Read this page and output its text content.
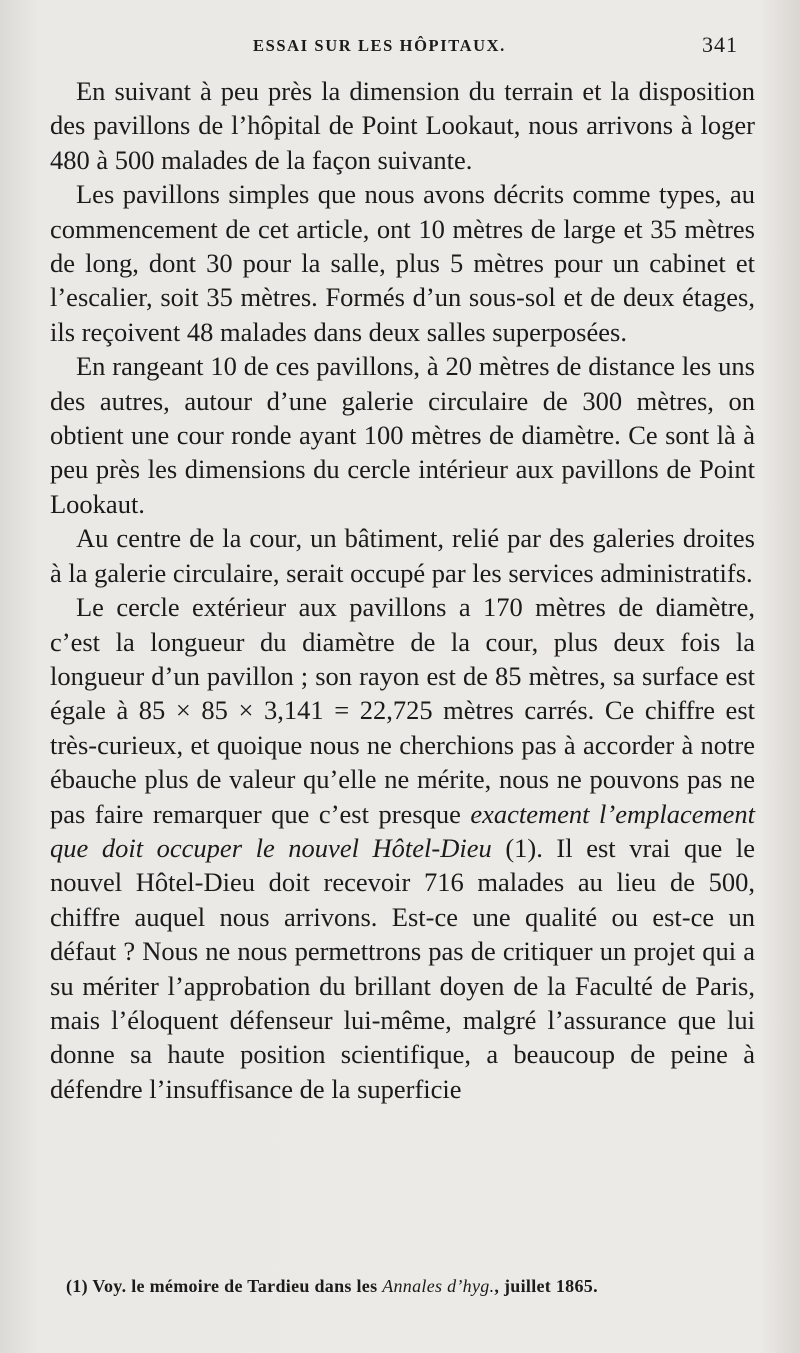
ESSAI SUR LES HÔPITAUX.	341

En suivant à peu près la dimension du terrain et la disposition des pavillons de l’hôpital de Point Lookaut, nous arrivons à loger 480 à 500 malades de la façon suivante.

Les pavillons simples que nous avons décrits comme types, au commencement de cet article, ont 10 mètres de large et 35 mètres de long, dont 30 pour la salle, plus 5 mètres pour un cabinet et l’escalier, soit 35 mètres. Formés d’un sous-sol et de deux étages, ils reçoivent 48 malades dans deux salles superposées.

En rangeant 10 de ces pavillons, à 20 mètres de distance les uns des autres, autour d’une galerie circulaire de 300 mètres, on obtient une cour ronde ayant 100 mètres de diamètre. Ce sont là à peu près les dimensions du cercle intérieur aux pavillons de Point Lookaut.

Au centre de la cour, un bâtiment, relié par des galeries droites à la galerie circulaire, serait occupé par les services administratifs.

Le cercle extérieur aux pavillons a 170 mètres de diamètre, c’est la longueur du diamètre de la cour, plus deux fois la longueur d’un pavillon ; son rayon est de 85 mètres, sa surface est égale à 85 × 85 × 3,141 = 22,725 mètres carrés. Ce chiffre est très-curieux, et quoique nous ne cherchions pas à accorder à notre ébauche plus de valeur qu’elle ne mérite, nous ne pouvons pas ne pas faire remarquer que c’est presque exactement l’emplacement que doit occuper le nouvel Hôtel-Dieu (1). Il est vrai que le nouvel Hôtel-Dieu doit recevoir 716 malades au lieu de 500, chiffre auquel nous arrivons. Est-ce une qualité ou est-ce un défaut ? Nous ne nous permettrons pas de critiquer un projet qui a su mériter l’approbation du brillant doyen de la Faculté de Paris, mais l’éloquent défenseur lui-même, malgré l’assurance que lui donne sa haute position scientifique, a beaucoup de peine à défendre l’insuffisance de la superficie

(1) Voy. le mémoire de Tardieu dans les Annales d’hyg., juillet 1865.
